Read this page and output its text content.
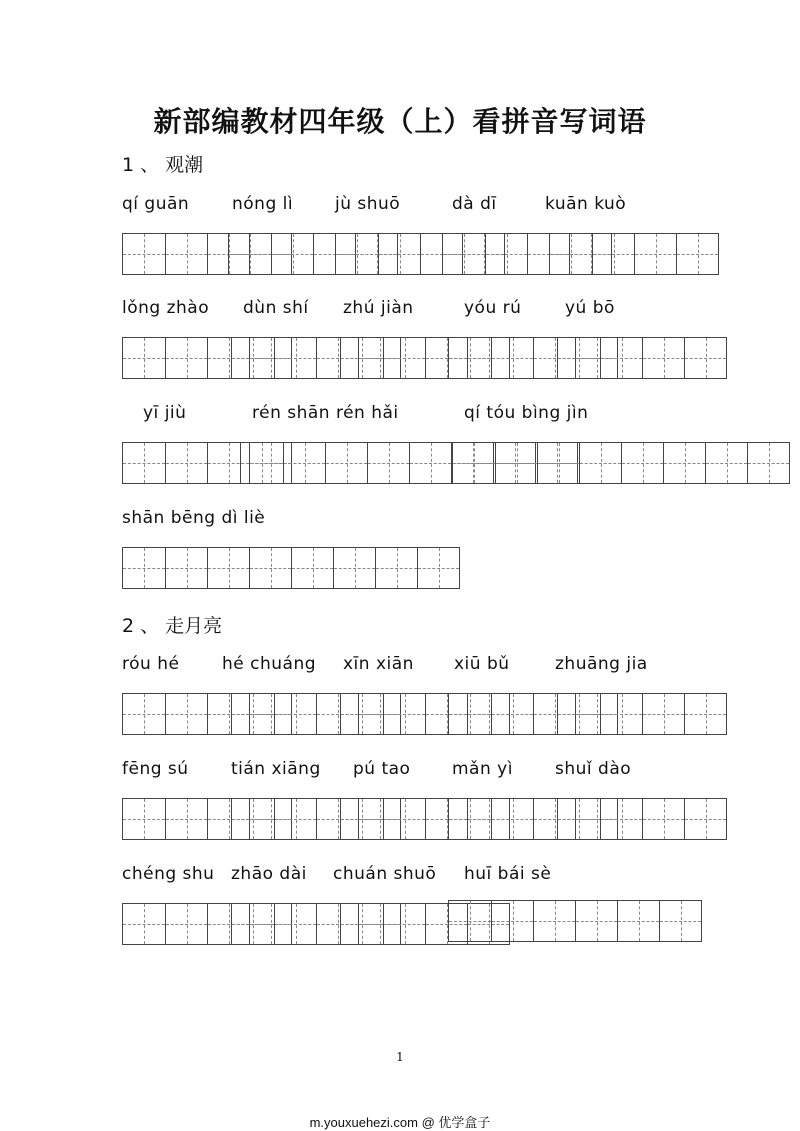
新部编教材四年级（上）看拼音写词语
1 、 观潮
qí guān	nóng lì jù shuō	dà dī	kuān kuò
lǒng zhào dùn shí zhú jiàn	yóu rú	yú bō
yī jiù	rén shān rén hǎi	qí tóu bìng jìn
shān bēng dì liè
2 、 走月亮
róu hé	hé chuáng xīn xiān xiū bǔ	zhuāng jia
fēng sú tián xiāng pú tao mǎn yì shuǐ dào
chéng shu zhāo dài chuán shuō huī bái sè
1
m.youxuehezi.com @ 优学盒子
